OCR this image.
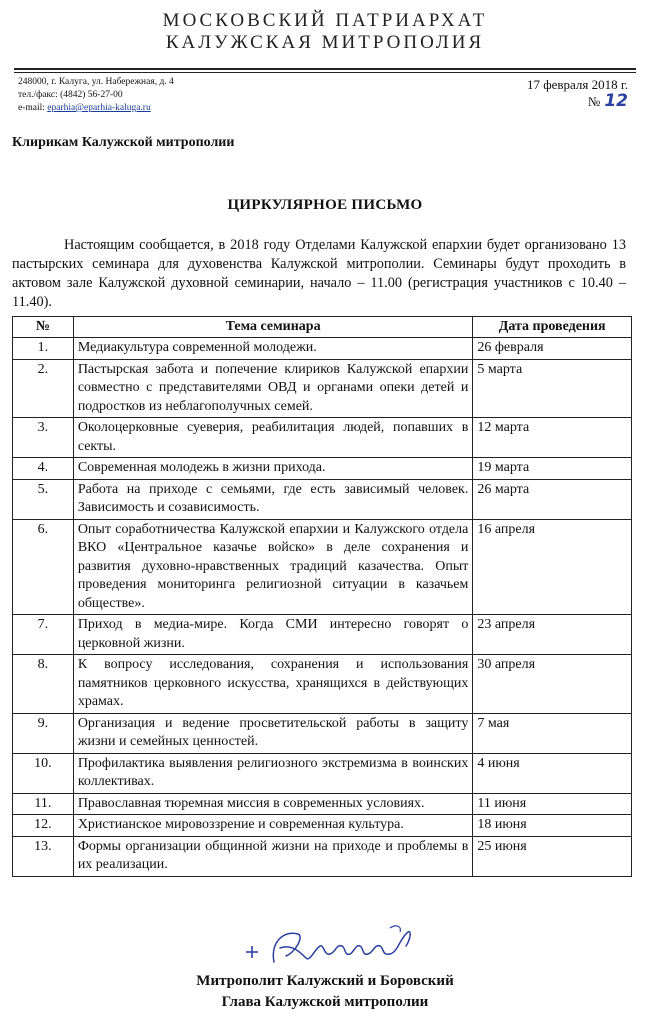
МОСКОВСКИЙ ПАТРИАРХАТ
КАЛУЖСКАЯ МИТРОПОЛИЯ
248000, г. Калуга, ул. Набережная, д. 4
тел./факс: (4842) 56-27-00
e-mail: eparhia@eparhia-kaluga.ru
17 февраля 2018 г.
№ 12
Клирикам Калужской митрополии
ЦИРКУЛЯРНОЕ ПИСЬМО
Настоящим сообщается, в 2018 году Отделами Калужской епархии будет организовано 13 пастырских семинара для духовенства Калужской митрополии. Семинары будут проходить в актовом зале Калужской духовной семинарии, начало – 11.00 (регистрация участников с 10.40 – 11.40).
№	Тема семинара	Дата проведения
1.	Медиакультура современной молодежи.	26 февраля
2.	Пастырская забота и попечение клириков Калужской епархии совместно с представителями ОВД и органами опеки детей и подростков из неблагополучных семей.	5 марта
3.	Околоцерковные суеверия, реабилитация людей, попавших в секты.	12 марта
4.	Современная молодежь в жизни прихода.	19 марта
5.	Работа на приходе с семьями, где есть зависимый человек. Зависимость и созависимость.	26 марта
6.	Опыт соработничества Калужской епархии и Калужского отдела ВКО «Центральное казачье войско» в деле сохранения и развития духовно-нравственных традиций казачества. Опыт проведения мониторинга религиозной ситуации в казачьем обществе».	16 апреля
7.	Приход в медиа-мире. Когда СМИ интересно говорят о церковной жизни.	23 апреля
8.	К вопросу исследования, сохранения и использования памятников церковного искусства, хранящихся в действующих храмах.	30 апреля
9.	Организация и ведение просветительской работы в защиту жизни и семейных ценностей.	7 мая
10.	Профилактика выявления религиозного экстремизма в воинских коллективах.	4 июня
11.	Православная тюремная миссия в современных условиях.	11 июня
12.	Христианское мировоззрение и современная культура.	18 июня
13.	Формы организации общинной жизни на приходе и проблемы в их реализации.	25 июня
Митрополит Калужский и Боровский
Глава Калужской митрополии
